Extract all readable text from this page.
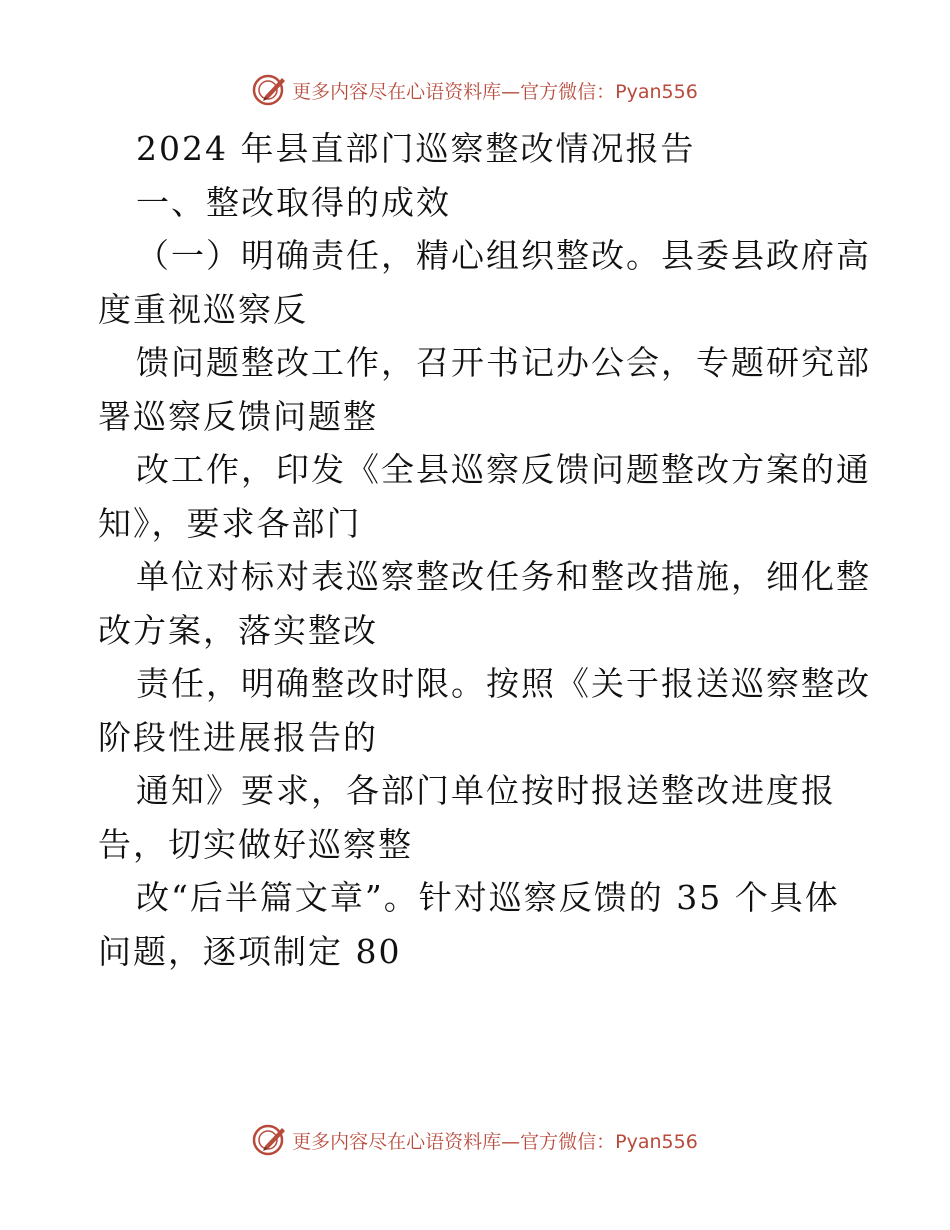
更多内容尽在心语资料库—官方微信：Pyan556
2024 年县直部门巡察整改情况报告
一、整改取得的成效
（一）明确责任，精心组织整改。县委县政府高
度重视巡察反
馈问题整改工作，召开书记办公会，专题研究部
署巡察反馈问题整
改工作，印发《全县巡察反馈问题整改方案的通
知》，要求各部门
单位对标对表巡察整改任务和整改措施，细化整
改方案，落实整改
责任，明确整改时限。按照《关于报送巡察整改
阶段性进展报告的
通知》要求，各部门单位按时报送整改进度报
告，切实做好巡察整
改“后半篇文章”。针对巡察反馈的 35 个具体
问题，逐项制定 80
更多内容尽在心语资料库—官方微信：Pyan556
